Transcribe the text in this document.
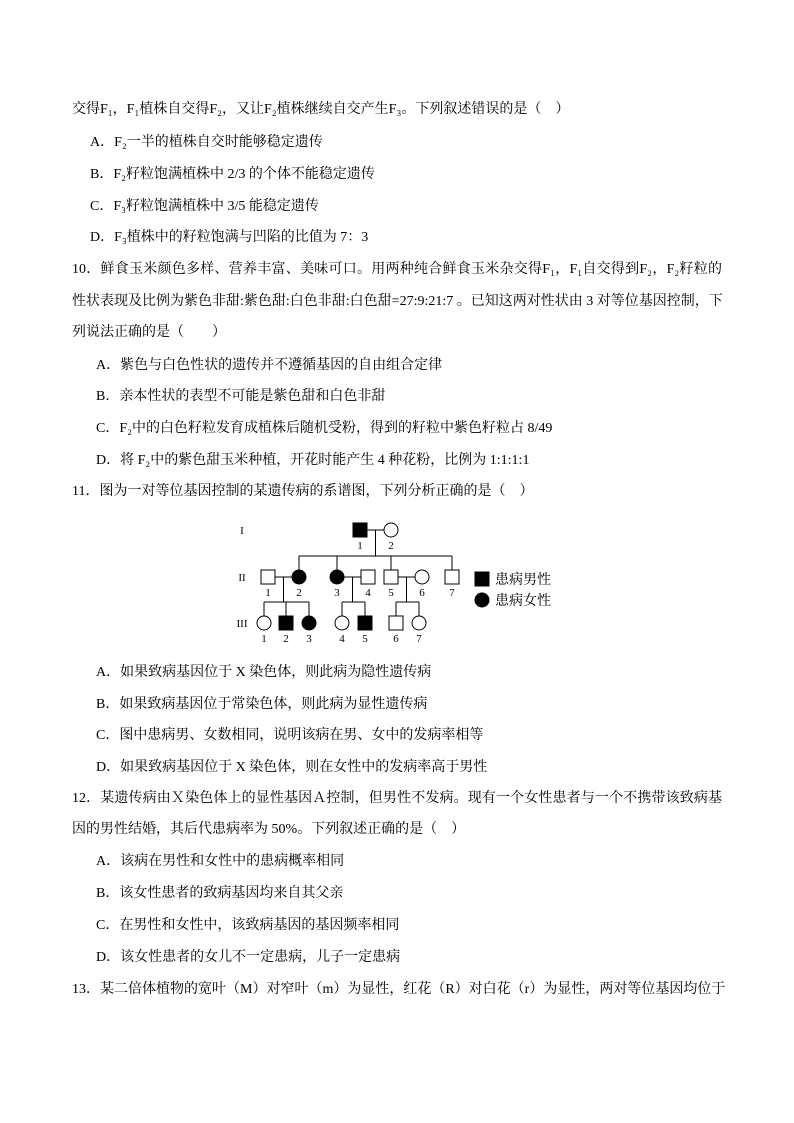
交得F₁，F₁植株自交得F₂，又让F₂植株继续自交产生F₃。下列叙述错误的是（　）
A．F₂一半的植株自交时能够稳定遗传
B．F₂籽粒饱满植株中 2/3 的个体不能稳定遗传
C．F₃籽粒饱满植株中 3/5 能稳定遗传
D．F₃植株中的籽粒饱满与凹陷的比值为 7：3
10．鲜食玉米颜色多样、营养丰富、美味可口。用两种纯合鲜食玉米杂交得F₁，F₁自交得到F₂，F₂籽粒的
性状表现及比例为紫色非甜:紫色甜:白色非甜:白色甜=27:9:21:7 。已知这两对性状由 3 对等位基因控制，下
列说法正确的是（　　）
A．紫色与白色性状的遗传并不遵循基因的自由组合定律
B．亲本性状的表型不可能是紫色甜和白色非甜
C．F₂中的白色籽粒发育成植株后随机受粉，得到的籽粒中紫色籽粒占 8/49
D．将 F₂中的紫色甜玉米种植，开花时能产生 4 种花粉，比例为 1:1:1:1
11．图为一对等位基因控制的某遗传病的系谱图，下列分析正确的是（　）
1 2
1 2	3 4 5 6 7
1 2 3	4 5 6 7
I
II
III
患病男性
患病女性
A．如果致病基因位于 X 染色体，则此病为隐性遗传病
B．如果致病基因位于常染色体，则此病为显性遗传病
C．图中患病男、女数相同，说明该病在男、女中的发病率相等
D．如果致病基因位于 X 染色体，则在女性中的发病率高于男性
12．某遗传病由Ｘ染色体上的显性基因Ａ控制，但男性不发病。现有一个女性患者与一个不携带该致病基
因的男性结婚，其后代患病率为 50%。下列叙述正确的是（　）
A．该病在男性和女性中的患病概率相同
B．该女性患者的致病基因均来自其父亲
C．在男性和女性中，该致病基因的基因频率相同
D．该女性患者的女儿不一定患病，儿子一定患病
13．某二倍体植物的宽叶（M）对窄叶（m）为显性，红花（R）对白花（r）为显性，两对等位基因均位于
